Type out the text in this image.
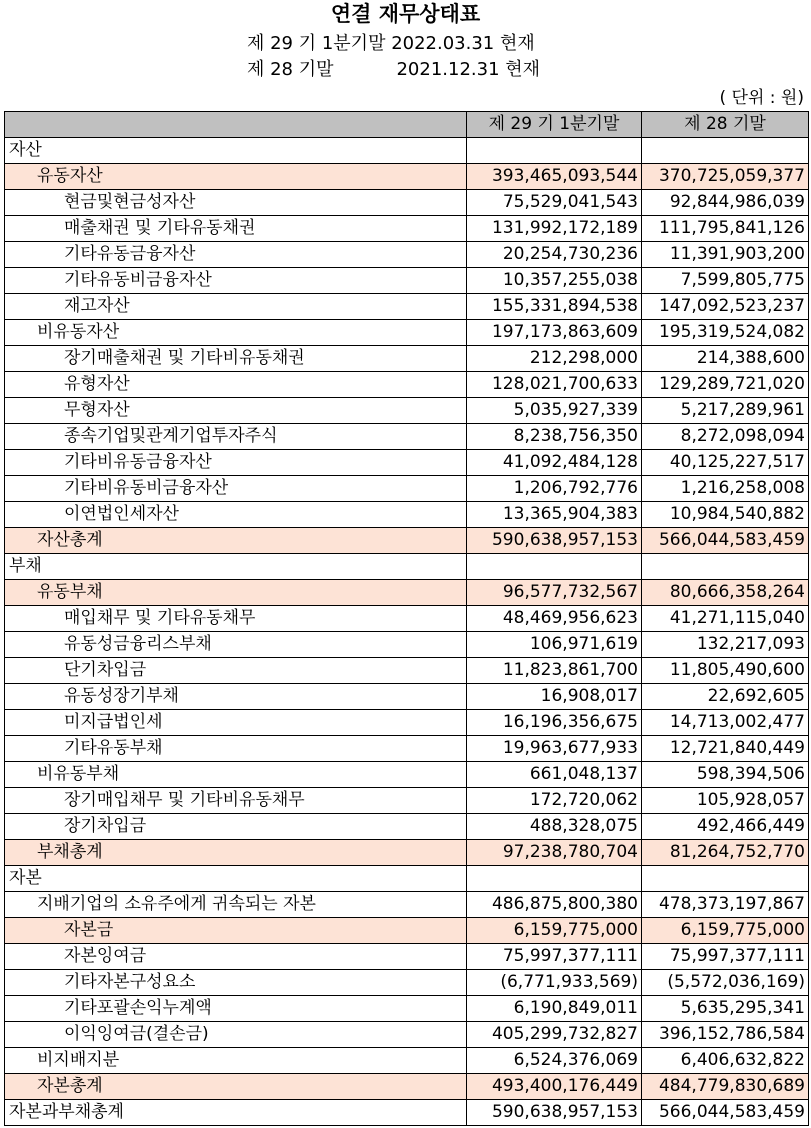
연결 재무상태표
제 29 기 1분기말 2022.03.31 현재
제 28 기말	2021.12.31 현재
( 단위 : 원)
	제 29 기 1분기말	제 28 기말
자산		
유동자산	393,465,093,544	370,725,059,377
현금및현금성자산	75,529,041,543	92,844,986,039
매출채권 및 기타유동채권	131,992,172,189	111,795,841,126
기타유동금융자산	20,254,730,236	11,391,903,200
기타유동비금융자산	10,357,255,038	7,599,805,775
재고자산	155,331,894,538	147,092,523,237
비유동자산	197,173,863,609	195,319,524,082
장기매출채권 및 기타비유동채권	212,298,000	214,388,600
유형자산	128,021,700,633	129,289,721,020
무형자산	5,035,927,339	5,217,289,961
종속기업및관계기업투자주식	8,238,756,350	8,272,098,094
기타비유동금융자산	41,092,484,128	40,125,227,517
기타비유동비금융자산	1,206,792,776	1,216,258,008
이연법인세자산	13,365,904,383	10,984,540,882
자산총계	590,638,957,153	566,044,583,459
부채		
유동부채	96,577,732,567	80,666,358,264
매입채무 및 기타유동채무	48,469,956,623	41,271,115,040
유동성금융리스부채	106,971,619	132,217,093
단기차입금	11,823,861,700	11,805,490,600
유동성장기부채	16,908,017	22,692,605
미지급법인세	16,196,356,675	14,713,002,477
기타유동부채	19,963,677,933	12,721,840,449
비유동부채	661,048,137	598,394,506
장기매입채무 및 기타비유동채무	172,720,062	105,928,057
장기차입금	488,328,075	492,466,449
부채총계	97,238,780,704	81,264,752,770
자본		
지배기업의 소유주에게 귀속되는 자본	486,875,800,380	478,373,197,867
자본금	6,159,775,000	6,159,775,000
자본잉여금	75,997,377,111	75,997,377,111
기타자본구성요소	(6,771,933,569)	(5,572,036,169)
기타포괄손익누계액	6,190,849,011	5,635,295,341
이익잉여금(결손금)	405,299,732,827	396,152,786,584
비지배지분	6,524,376,069	6,406,632,822
자본총계	493,400,176,449	484,779,830,689
자본과부채총계	590,638,957,153	566,044,583,459
